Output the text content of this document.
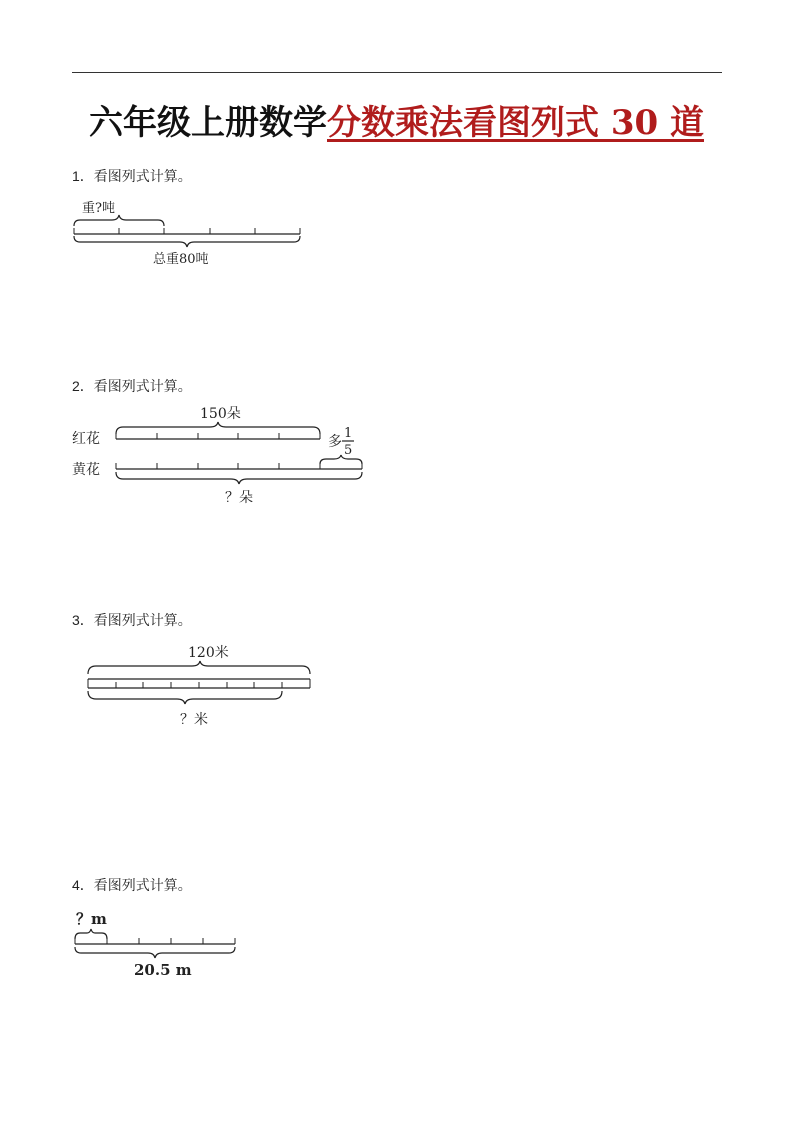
六年级上册数学分数乘法看图列式 30 道
1．看图列式计算。
重?吨
总重80吨
2．看图列式计算。
150朵
红花	多
1
5
黄花
？朵
3．看图列式计算。
120米
？米
4．看图列式计算。
？m
20.5 m
